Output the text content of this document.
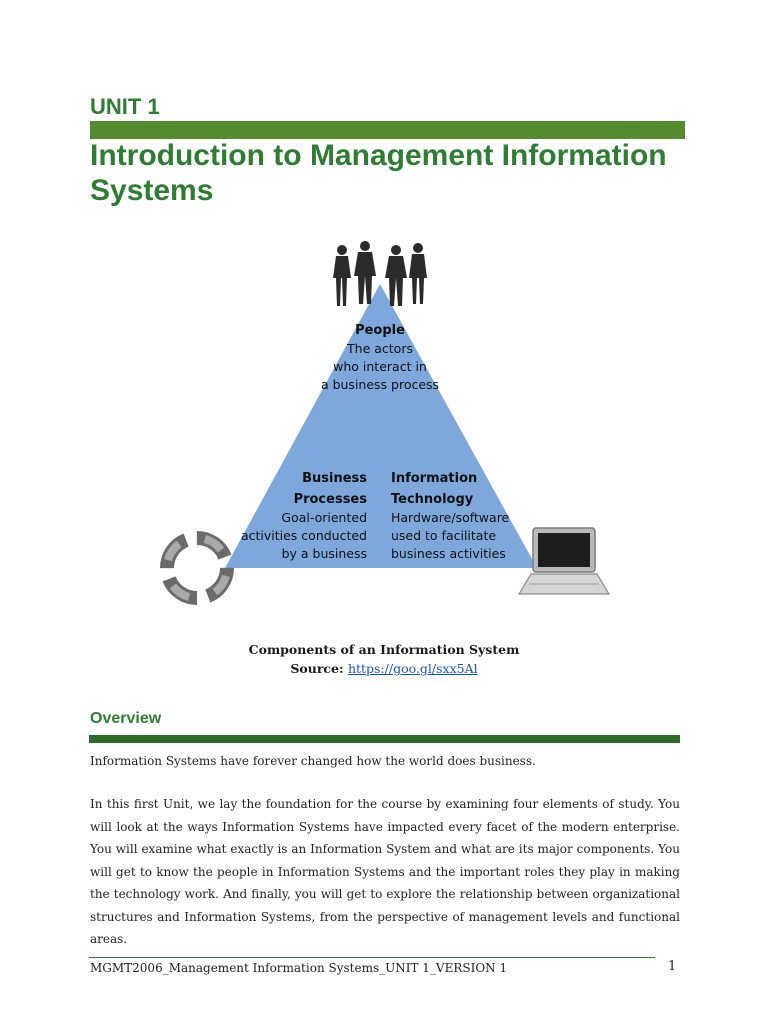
UNIT 1
Introduction to Management Information Systems
People
The actors
who interact in
a business process
Business
Processes
Goal-oriented
activities conducted
by a business
Information
Technology
Hardware/software
used to facilitate
business activities
Components of an Information System
Source: https://goo.gl/sxx5Al
Overview

Information Systems have forever changed how the world does business.

In this first Unit, we lay the foundation for the course by examining four elements of study. You will look at the ways Information Systems have impacted every facet of the modern enterprise. You will examine what exactly is an Information System and what are its major components. You will get to know the people in Information Systems and the important roles they play in making the technology work. And finally, you will get to explore the relationship between organizational structures and Information Systems, from the perspective of management levels and functional areas.

MGMT2006_Management Information Systems_UNIT 1_VERSION 1	1
